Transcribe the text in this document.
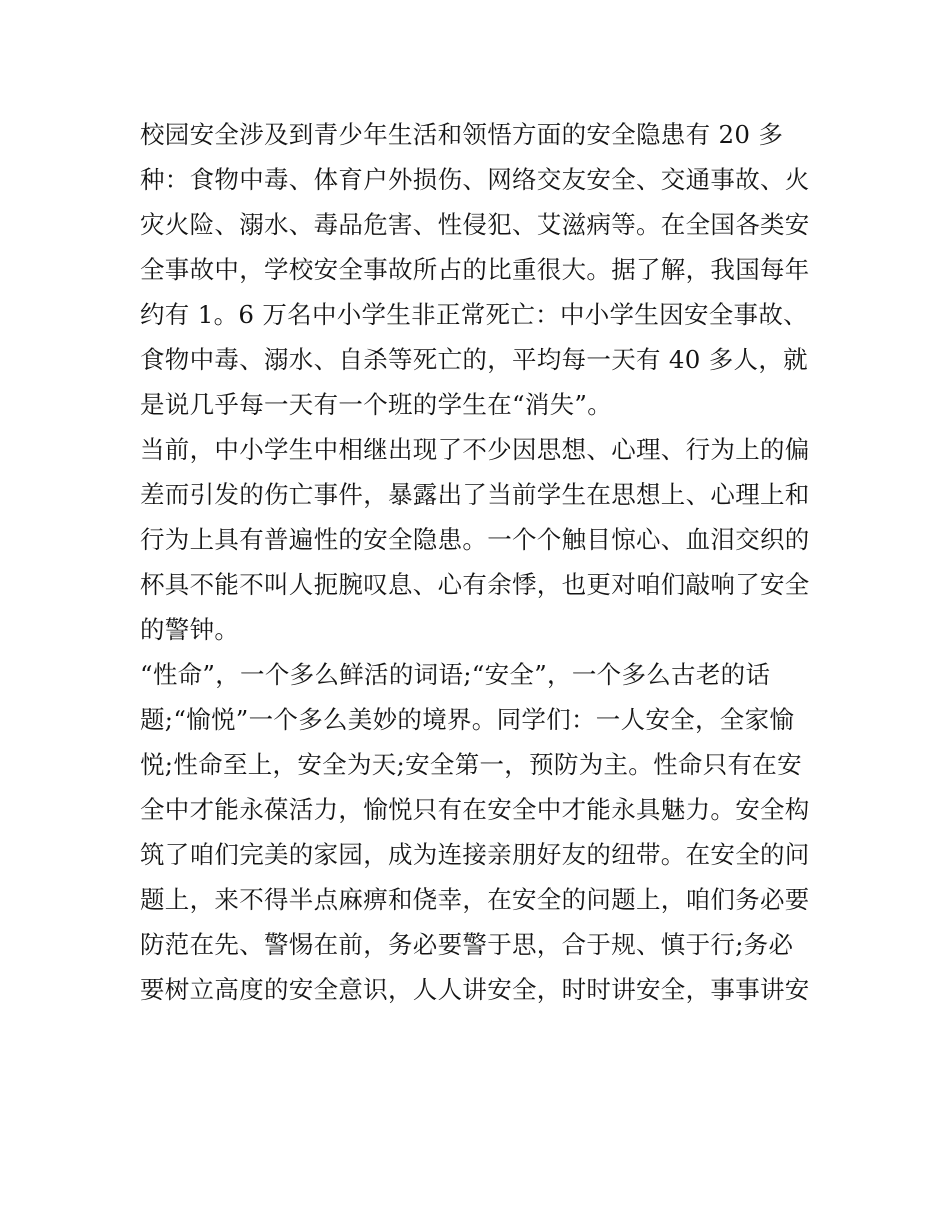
校园安全涉及到青少年生活和领悟方面的安全隐患有 20 多
种：食物中毒、体育户外损伤、网络交友安全、交通事故、火
灾火险、溺水、毒品危害、性侵犯、艾滋病等。在全国各类安
全事故中，学校安全事故所占的比重很大。据了解，我国每年
约有 1。6 万名中小学生非正常死亡：中小学生因安全事故、
食物中毒、溺水、自杀等死亡的，平均每一天有 40 多人，就
是说几乎每一天有一个班的学生在“消失”。
当前，中小学生中相继出现了不少因思想、心理、行为上的偏
差而引发的伤亡事件，暴露出了当前学生在思想上、心理上和
行为上具有普遍性的安全隐患。一个个触目惊心、血泪交织的
杯具不能不叫人扼腕叹息、心有余悸，也更对咱们敲响了安全
的警钟。
“性命”，一个多么鲜活的词语;“安全”，一个多么古老的话
题;“愉悦”一个多么美妙的境界。同学们：一人安全，全家愉
悦;性命至上，安全为天;安全第一，预防为主。性命只有在安
全中才能永葆活力，愉悦只有在安全中才能永具魅力。安全构
筑了咱们完美的家园，成为连接亲朋好友的纽带。在安全的问
题上，来不得半点麻痹和侥幸，在安全的问题上，咱们务必要
防范在先、警惕在前，务必要警于思，合于规、慎于行;务必
要树立高度的安全意识，人人讲安全，时时讲安全，事事讲安
